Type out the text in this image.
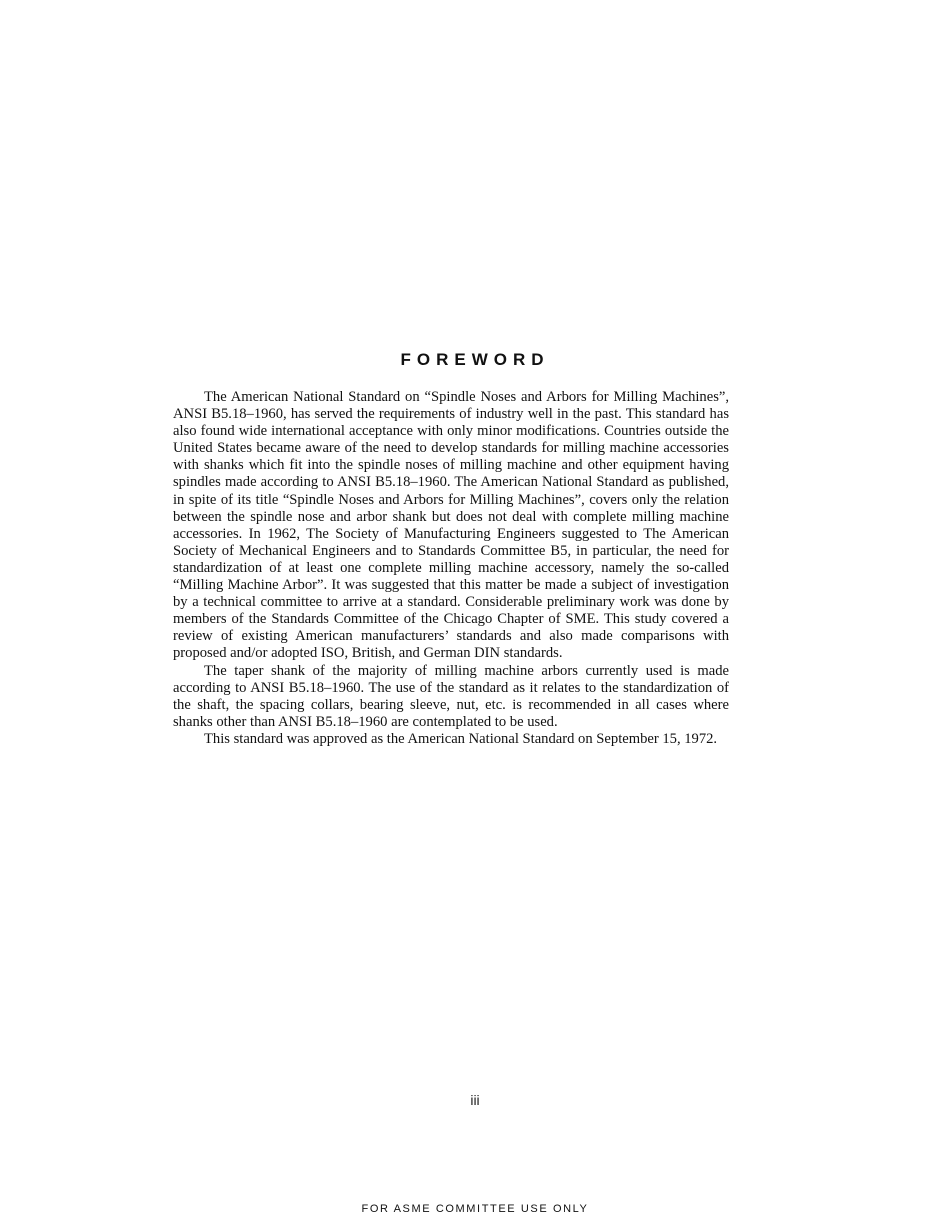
FOREWORD

The American National Standard on “Spindle Noses and Arbors for Milling Machines”, ANSI B5.18–1960, has served the requirements of industry well in the past. This standard has also found wide international acceptance with only minor modifications. Countries outside the United States became aware of the need to develop standards for milling machine accessories with shanks which fit into the spindle noses of milling machine and other equipment having spindles made according to ANSI B5.18–1960. The American National Standard as published, in spite of its title “Spindle Noses and Arbors for Milling Machines”, covers only the relation between the spindle nose and arbor shank but does not deal with complete milling machine accessories. In 1962, The Society of Manufacturing Engineers suggested to The American Society of Mechanical Engineers and to Standards Committee B5, in particular, the need for standardization of at least one complete milling machine accessory, namely the so-called “Milling Machine Arbor”. It was suggested that this matter be made a subject of investigation by a technical committee to arrive at a standard. Considerable preliminary work was done by members of the Standards Committee of the Chicago Chapter of SME. This study covered a review of existing American manufacturers’ standards and also made comparisons with proposed and/or adopted ISO, British, and German DIN standards.

The taper shank of the majority of milling machine arbors currently used is made according to ANSI B5.18–1960. The use of the standard as it relates to the standardization of the shaft, the spacing collars, bearing sleeve, nut, etc. is recommended in all cases where shanks other than ANSI B5.18–1960 are contemplated to be used.

This standard was approved as the American National Standard on September 15, 1972.

iii
FOR ASME COMMITTEE USE ONLY
